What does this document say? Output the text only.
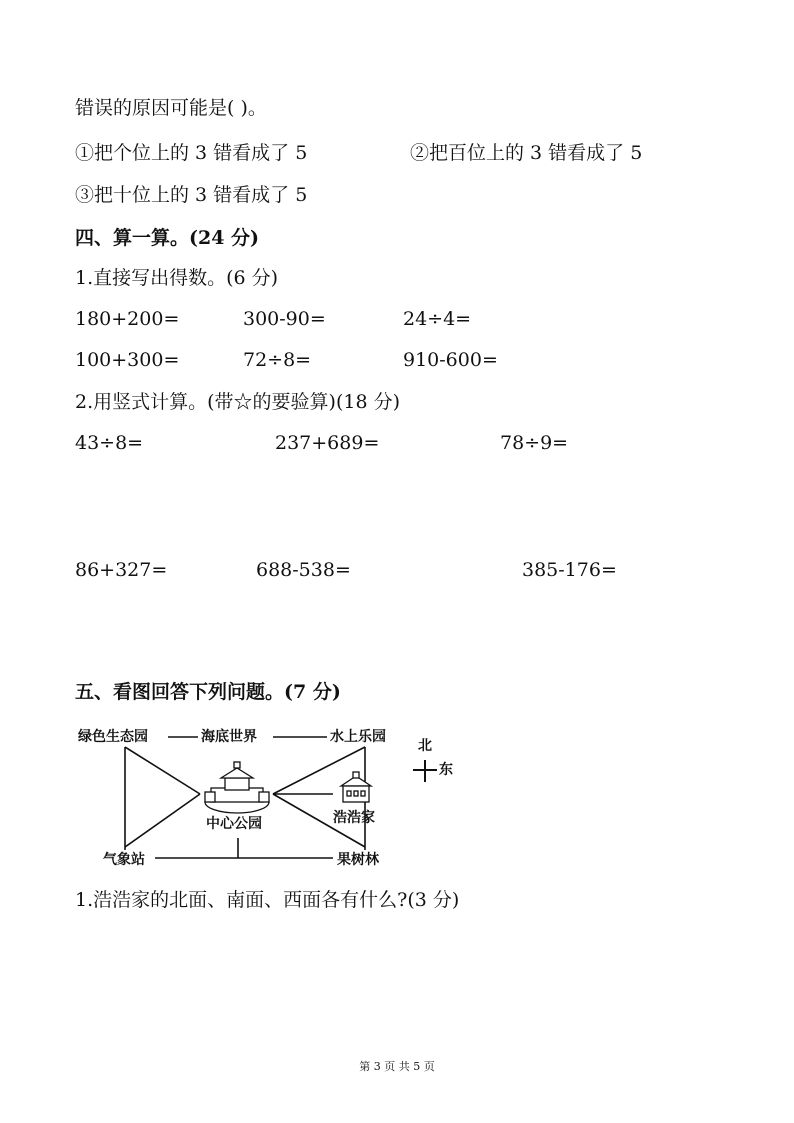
错误的原因可能是( )。
①把个位上的 3 错看成了 5	②把百位上的 3 错看成了 5
③把十位上的 3 错看成了 5
四、算一算。(24 分)
1.直接写出得数。(6 分)
180+200=	300-90=	24÷4=
100+300=	72÷8=	910-600=
2.用竖式计算。(带☆的要验算)(18 分)
43÷8=	237+689=	78÷9=
86+327=	688-538=	385-176=
五、看图回答下列问题。(7 分)
绿色生态园	海底世界	水上乐园
中心公园	浩浩家
气象站	果树林
北
东
1.浩浩家的北面、南面、西面各有什么?(3 分)
第 3 页 共 5 页
